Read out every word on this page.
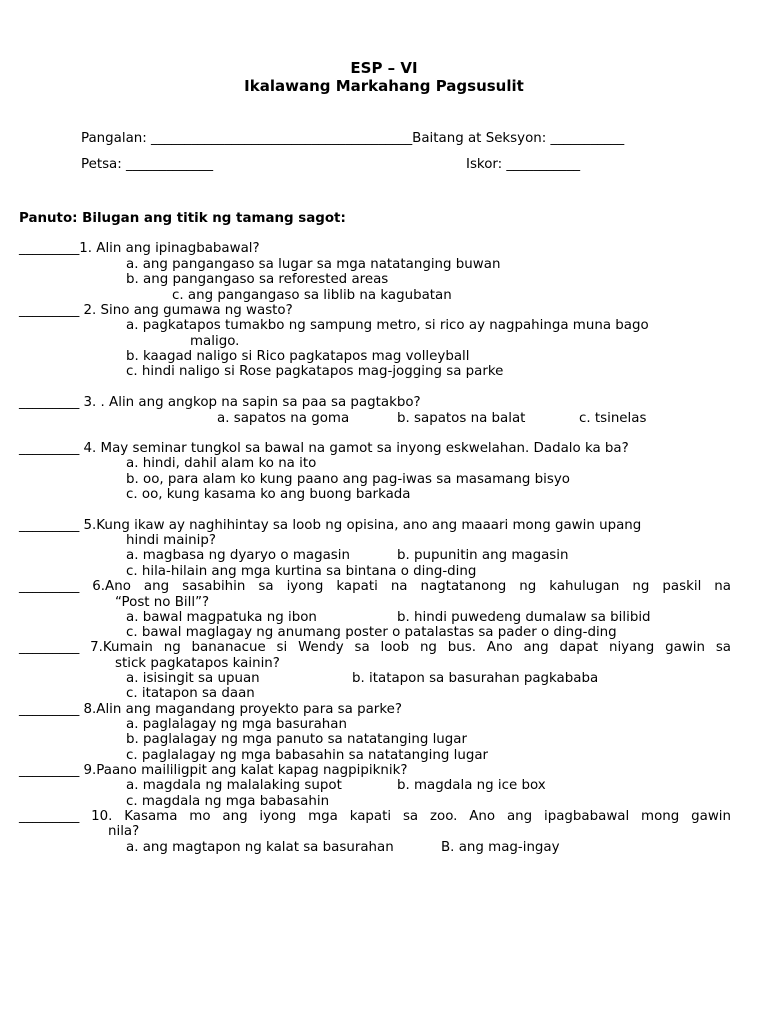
ESP – VI
Ikalawang Markahang Pagsusulit
Pangalan: _______________________________________Baitang at Seksyon: ___________
Petsa: _____________	Iskor: ___________
Panuto: Bilugan ang titik ng tamang sagot:
_________1. Alin ang ipinagbabawal?
a. ang pangangaso sa lugar sa mga natatanging buwan
b. ang pangangaso sa reforested areas
c. ang pangangaso sa liblib na kagubatan
_________ 2. Sino ang gumawa ng wasto?
a. pagkatapos tumakbo ng sampung metro, si rico ay nagpahinga muna bago
maligo.
b. kaagad naligo si Rico pagkatapos mag volleyball
c. hindi naligo si Rose pagkatapos mag-jogging sa parke
_________ 3. . Alin ang angkop na sapin sa paa sa pagtakbo?
a. sapatos na goma	b. sapatos na balat	c. tsinelas
_________ 4. May seminar tungkol sa bawal na gamot sa inyong eskwelahan. Dadalo ka ba?
a. hindi, dahil alam ko na ito
b. oo, para alam ko kung paano ang pag-iwas sa masamang bisyo
c. oo, kung kasama ko ang buong barkada
_________ 5.Kung ikaw ay naghihintay sa loob ng opisina, ano ang maaari mong gawin upang
hindi mainip?
a. magbasa ng dyaryo o magasin	b. pupunitin ang magasin
c. hila-hilain ang mga kurtina sa bintana o ding-ding
_________ 6.Ano ang sasabihin sa iyong kapati na nagtatanong ng kahulugan ng paskil na
“Post no Bill”?
a. bawal magpatuka ng ibon	b. hindi puwedeng dumalaw sa bilibid
c. bawal maglagay ng anumang poster o patalastas sa pader o ding-ding
_________ 7.Kumain ng bananacue si Wendy sa loob ng bus. Ano ang dapat niyang gawin sa
stick pagkatapos kainin?
a. isisingit sa upuan	b. itatapon sa basurahan pagkababa
c. itatapon sa daan
_________ 8.Alin ang magandang proyekto para sa parke?
a. paglalagay ng mga basurahan
b. paglalagay ng mga panuto sa natatanging lugar
c. paglalagay ng mga babasahin sa natatanging lugar
_________ 9.Paano maililigpit ang kalat kapag nagpipiknik?
a. magdala ng malalaking supot	b. magdala ng ice box
c. magdala ng mga babasahin
_________ 10. Kasama mo ang iyong mga kapati sa zoo. Ano ang ipagbabawal mong gawin
nila?
a. ang magtapon ng kalat sa basurahan	B. ang mag-ingay
